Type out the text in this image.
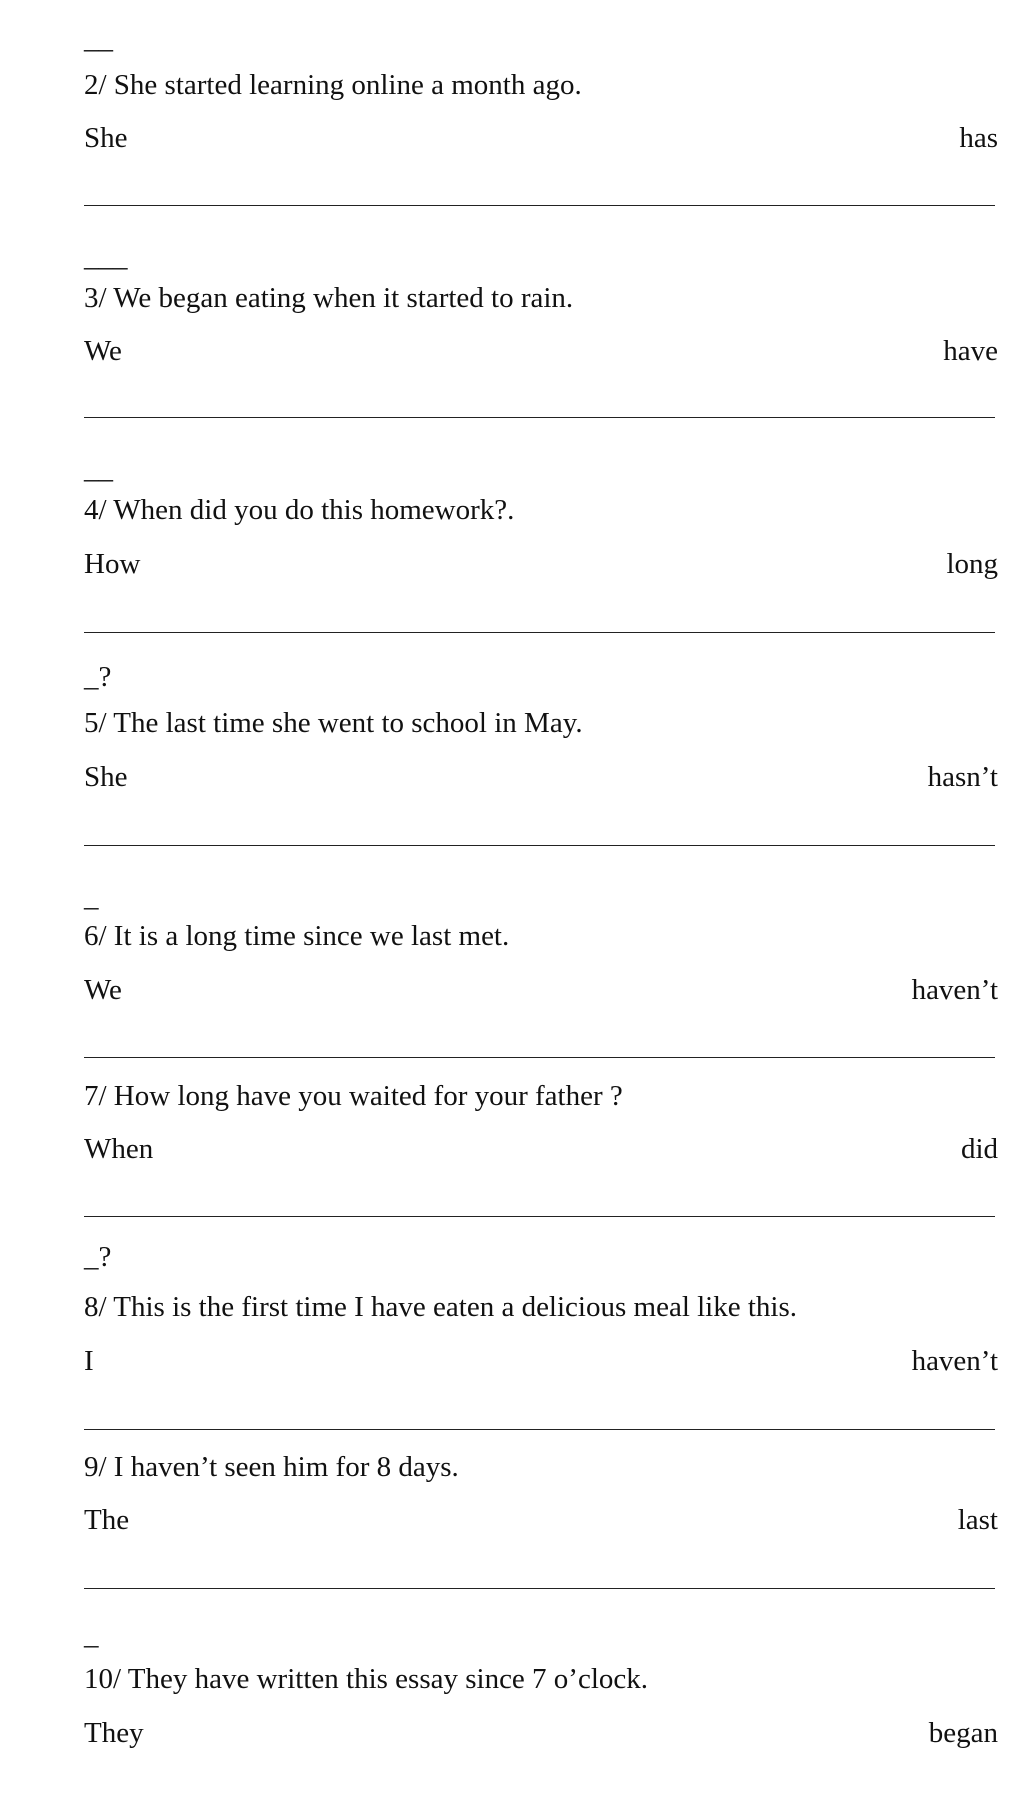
__
2/ She started learning online a month ago.
She	has
___
3/ We began eating when it started to rain.
We	have
__
4/ When did you do this homework?.
How	long
_?
5/ The last time she went to school in May.
She	hasn’t
_
6/ It is a long time since we last met.
We	haven’t
7/ How long have you waited for your father ?
When	did
_?
8/ This is the first time I have eaten a delicious meal like this.
I	haven’t
9/ I haven’t seen him for 8 days.
The	last
_
10/ They have written this essay since 7 o’clock.
They	began
